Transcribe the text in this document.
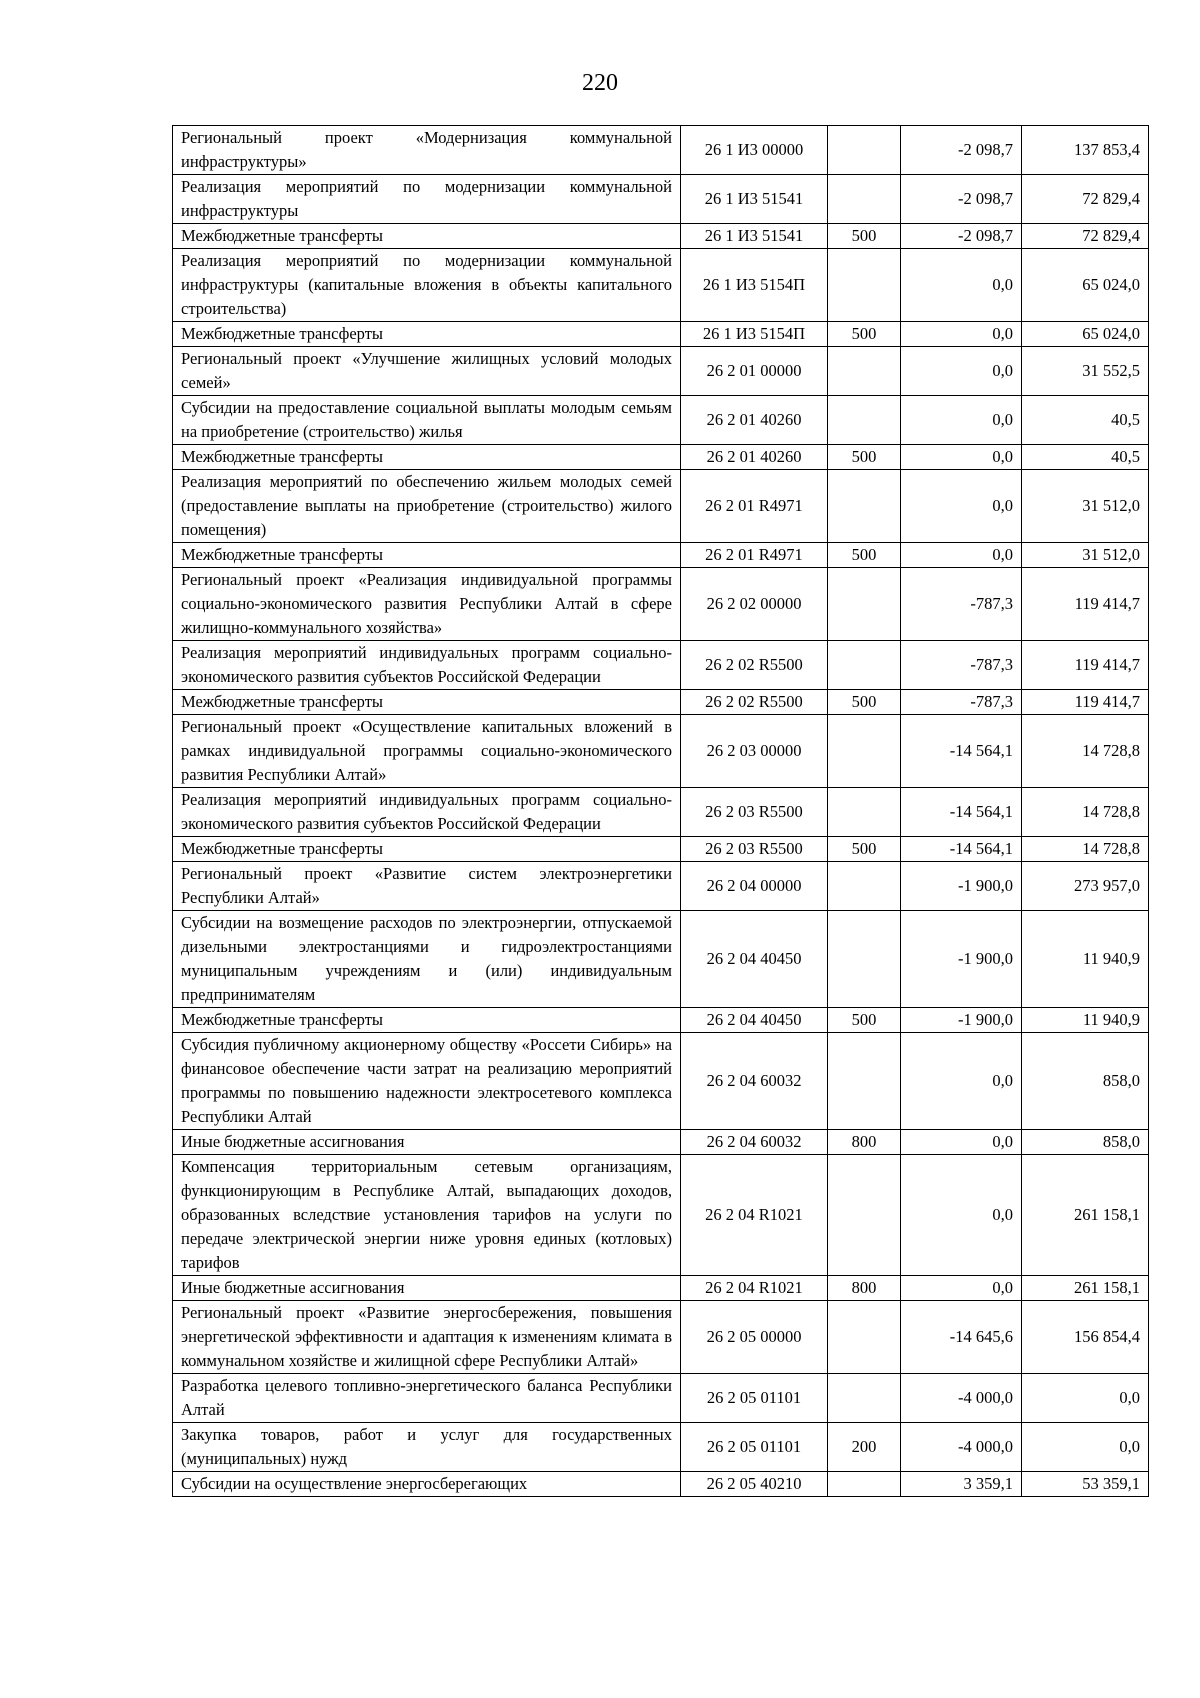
220
Региональный проект «Модернизация коммунальной инфраструктуры»	26 1 И3 00000		-2 098,7	137 853,4
Реализация мероприятий по модернизации коммунальной инфраструктуры	26 1 И3 51541		-2 098,7	72 829,4
Межбюджетные трансферты	26 1 И3 51541	500	-2 098,7	72 829,4
Реализация мероприятий по модернизации коммунальной инфраструктуры (капитальные вложения в объекты капитального строительства)	26 1 И3 5154П		0,0	65 024,0
Межбюджетные трансферты	26 1 И3 5154П	500	0,0	65 024,0
Региональный проект «Улучшение жилищных условий молодых семей»	26 2 01 00000		0,0	31 552,5
Субсидии на предоставление социальной выплаты молодым семьям на приобретение (строительство) жилья	26 2 01 40260		0,0	40,5
Межбюджетные трансферты	26 2 01 40260	500	0,0	40,5
Реализация мероприятий по обеспечению жильем молодых семей (предоставление выплаты на приобретение (строительство) жилого помещения)	26 2 01 R4971		0,0	31 512,0
Межбюджетные трансферты	26 2 01 R4971	500	0,0	31 512,0
Региональный проект «Реализация индивидуальной программы социально-экономического развития Республики Алтай в сфере жилищно-коммунального хозяйства»	26 2 02 00000		-787,3	119 414,7
Реализация мероприятий индивидуальных программ социально-экономического развития субъектов Российской Федерации	26 2 02 R5500		-787,3	119 414,7
Межбюджетные трансферты	26 2 02 R5500	500	-787,3	119 414,7
Региональный проект «Осуществление капитальных вложений в рамках индивидуальной программы социально-экономического развития Республики Алтай»	26 2 03 00000		-14 564,1	14 728,8
Реализация мероприятий индивидуальных программ социально-экономического развития субъектов Российской Федерации	26 2 03 R5500		-14 564,1	14 728,8
Межбюджетные трансферты	26 2 03 R5500	500	-14 564,1	14 728,8
Региональный проект «Развитие систем электроэнергетики Республики Алтай»	26 2 04 00000		-1 900,0	273 957,0
Субсидии на возмещение расходов по электроэнергии, отпускаемой дизельными электростанциями и гидроэлектростанциями муниципальным учреждениям и (или) индивидуальным предпринимателям	26 2 04 40450		-1 900,0	11 940,9
Межбюджетные трансферты	26 2 04 40450	500	-1 900,0	11 940,9
Субсидия публичному акционерному обществу «Россети Сибирь» на финансовое обеспечение части затрат на реализацию мероприятий программы по повышению надежности электросетевого комплекса Республики Алтай	26 2 04 60032		0,0	858,0
Иные бюджетные ассигнования	26 2 04 60032	800	0,0	858,0
Компенсация территориальным сетевым организациям, функционирующим в Республике Алтай, выпадающих доходов, образованных вследствие установления тарифов на услуги по передаче электрической энергии ниже уровня единых (котловых) тарифов	26 2 04 R1021		0,0	261 158,1
Иные бюджетные ассигнования	26 2 04 R1021	800	0,0	261 158,1
Региональный проект «Развитие энергосбережения, повышения энергетической эффективности и адаптация к изменениям климата в коммунальном хозяйстве и жилищной сфере Республики Алтай»	26 2 05 00000		-14 645,6	156 854,4
Разработка целевого топливно-энергетического баланса Республики Алтай	26 2 05 01101		-4 000,0	0,0
Закупка товаров, работ и услуг для государственных (муниципальных) нужд	26 2 05 01101	200	-4 000,0	0,0
Субсидии на осуществление энергосберегающих	26 2 05 40210		3 359,1	53 359,1
